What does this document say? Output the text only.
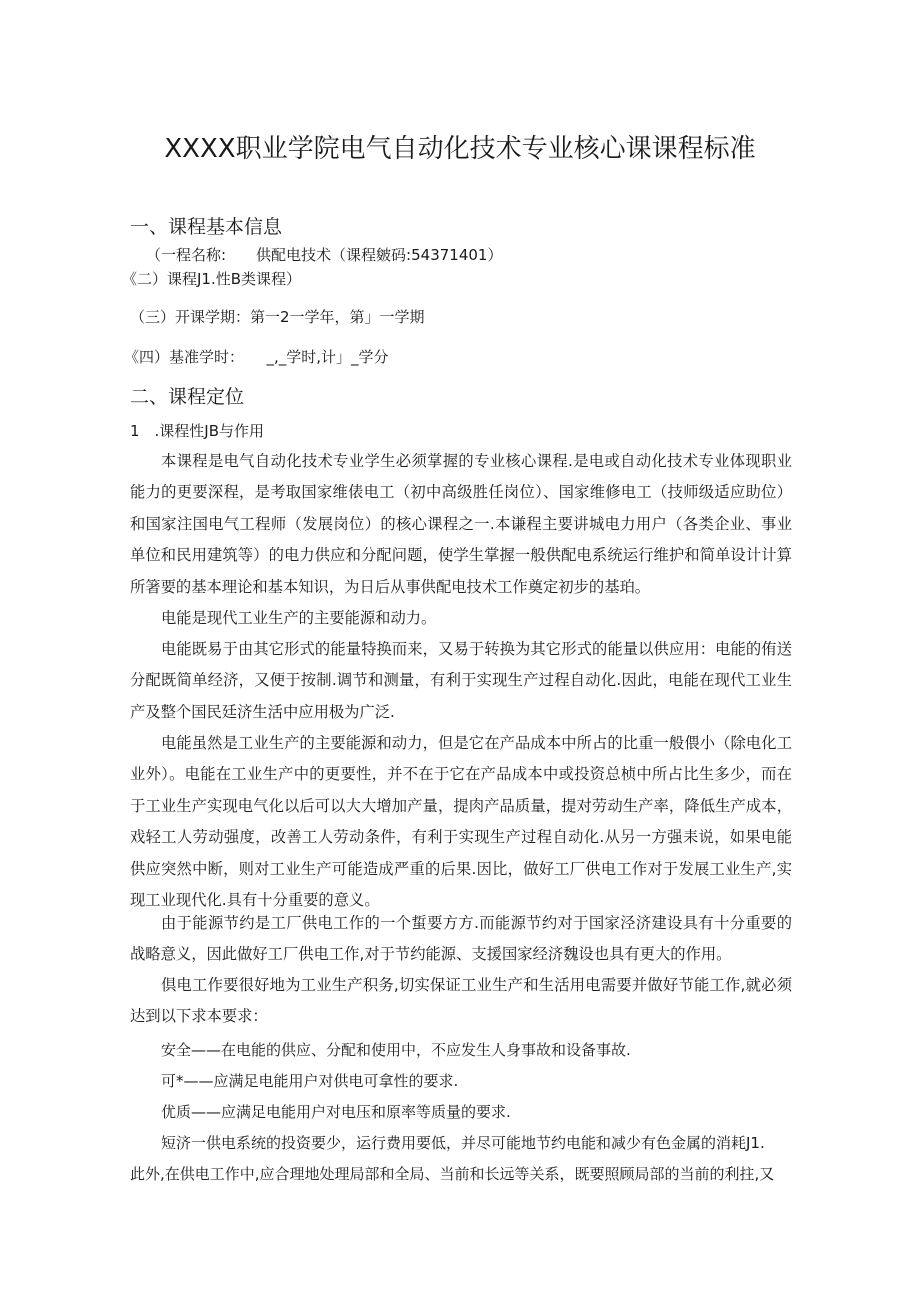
XXXX职业学院电气自动化技术专业核心课课程标准
一、课程基本信息
（一程名称:　　供配电技术（课程皴码:54371401）
《二）课程J1.性B类课程）
（三）开课学期：第一2一学年，第」一学期
《四）基准学时：　　_,_学时,计」_学分
二、课程定位
1　.课程性JB与作用

本课程是电气自动化技术专业学生必须掌握的专业核心课程.是电或自动化技术专业体现职业能力的更要深程，是考取国家维俵电工（初中高级胜任岗位）、国家维修电工（技师级适应助位）和国家注国电气工程师（发展岗位）的核心课程之一.本谦程主要讲城电力用户（各类企业、事业单位和民用建筑等）的电力供应和分配问题，使学生掌握一般供配电系统运行维护和简单设计计算所箸要的基本理论和基本知识，为日后从事供配电技术工作奠定初步的基珀。

电能是现代工业生产的主要能源和动力。

电能既易于由其它形式的能量特换而来，又易于转换为其它形式的能量以供应用：电能的侑送分配既简单经济，又便于按制.调节和测量，有利于实现生产过程自动化.因此，电能在现代工业生产及整个国民廷济生活中应用极为广泛.

电能虽然是工业生产的主要能源和动力，但是它在产品成本中所占的比重一般偎小（除电化工业外）。电能在工业生产中的更要性，并不在于它在产品成本中或投资总桢中所占比生多少，而在于工业生产实现电气化以后可以大大增加产量，提肉产品质量，提对劳动生产率，降低生产成本，戏轻工人劳动强度，改善工人劳动条件，有利于实现生产过程自动化.从另一方强耒说，如果电能供应突然中断，则对工业生产可能造成严重的后果.因比，做好工厂供电工作对于发展工业生产,实现工业现代化.具有十分重要的意义。

由于能源节约是工厂供电工作的一个蜇要方方.而能源节约对于国家泾济建设具有十分重要的战略意义，因此做好工厂供电工作,对于节约能源、支援国家经济魏设也具有更大的作用。

倶电工作要很好地为工业生产积务,切实保证工业生产和生活用电需要并做好节能工作,就必须达到以下求本要求：

安全——在电能的供应、分配和使用中，不应发生人身事故和设备事故.
可*——应满足电能用户对供电可拿性的要求.
优质——应满足电能用户对电压和原率等质量的要求.
短济一供电系统的投资要少，运行费用要低，并尽可能地节约电能和减少有色金属的消耗J1.
此外,在供电工作中,应合理地处理局部和全局、当前和长远等关系，既要照顾局部的当前的利拄,又
